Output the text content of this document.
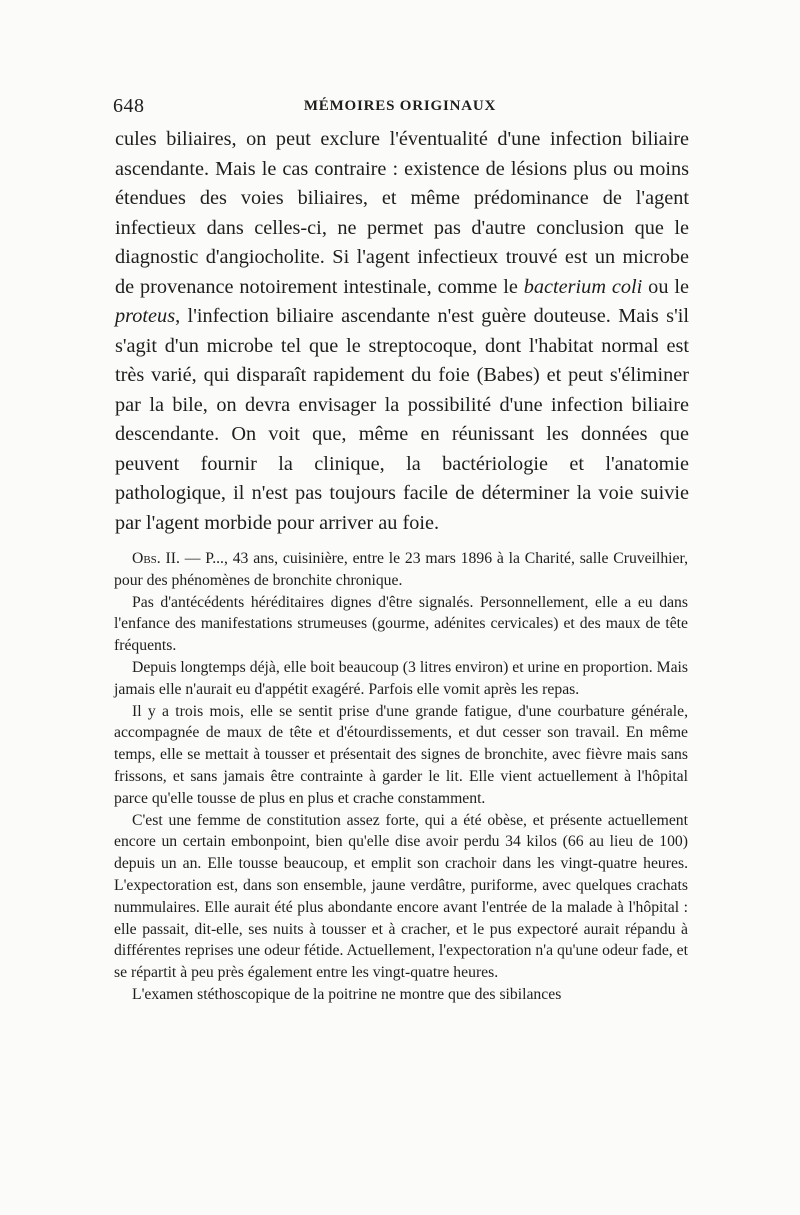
648	MÉMOIRES ORIGINAUX

cules biliaires, on peut exclure l'éventualité d'une infection biliaire ascendante. Mais le cas contraire : existence de lésions plus ou moins étendues des voies biliaires, et même prédominance de l'agent infectieux dans celles-ci, ne permet pas d'autre conclusion que le diagnostic d'angiocholite. Si l'agent infectieux trouvé est un microbe de provenance notoirement intestinale, comme le bacterium coli ou le proteus, l'infection biliaire ascendante n'est guère douteuse. Mais s'il s'agit d'un microbe tel que le streptocoque, dont l'habitat normal est très varié, qui disparaît rapidement du foie (Babes) et peut s'éliminer par la bile, on devra envisager la possibilité d'une infection biliaire descendante. On voit que, même en réunissant les données que peuvent fournir la clinique, la bactériologie et l'anatomie pathologique, il n'est pas toujours facile de déterminer la voie suivie par l'agent morbide pour arriver au foie.

Obs. II. — P..., 43 ans, cuisinière, entre le 23 mars 1896 à la Charité, salle Cruveilhier, pour des phénomènes de bronchite chronique.

Pas d'antécédents héréditaires dignes d'être signalés. Personnellement, elle a eu dans l'enfance des manifestations strumeuses (gourme, adénites cervicales) et des maux de tête fréquents.

Depuis longtemps déjà, elle boit beaucoup (3 litres environ) et urine en proportion. Mais jamais elle n'aurait eu d'appétit exagéré. Parfois elle vomit après les repas.

Il y a trois mois, elle se sentit prise d'une grande fatigue, d'une courbature générale, accompagnée de maux de tête et d'étourdissements, et dut cesser son travail. En même temps, elle se mettait à tousser et présentait des signes de bronchite, avec fièvre mais sans frissons, et sans jamais être contrainte à garder le lit. Elle vient actuellement à l'hôpital parce qu'elle tousse de plus en plus et crache constamment.

C'est une femme de constitution assez forte, qui a été obèse, et présente actuellement encore un certain embonpoint, bien qu'elle dise avoir perdu 34 kilos (66 au lieu de 100) depuis un an. Elle tousse beaucoup, et emplit son crachoir dans les vingt-quatre heures. L'expectoration est, dans son ensemble, jaune verdâtre, puriforme, avec quelques crachats nummulaires. Elle aurait été plus abondante encore avant l'entrée de la malade à l'hôpital : elle passait, dit-elle, ses nuits à tousser et à cracher, et le pus expectoré aurait répandu à différentes reprises une odeur fétide. Actuellement, l'expectoration n'a qu'une odeur fade, et se répartit à peu près également entre les vingt-quatre heures.

L'examen stéthoscopique de la poitrine ne montre que des sibilances
